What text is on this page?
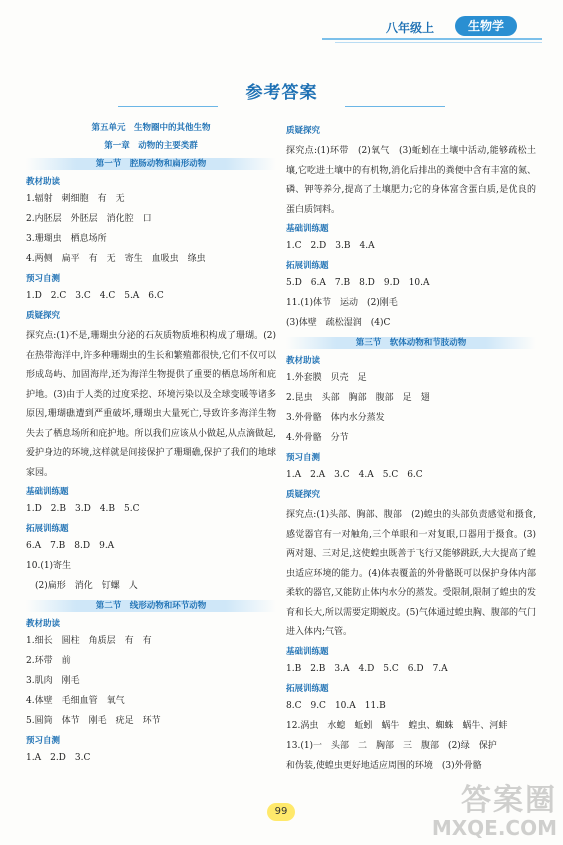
八年级上	生物学
参考答案
第五单元　生物圈中的其他生物
第一章　动物的主要类群
第一节　腔肠动物和扁形动物
教材助读
1.辐射　刺细胞　有　无
2.内胚层　外胚层　消化腔　口
3.珊瑚虫　栖息场所
4.两侧　扁平　有　无　寄生　血吸虫　绦虫
预习自测
1.D　2.C　3.C　4.C　5.A　6.C
质疑探究
探究点:(1)不是,珊瑚虫分泌的石灰质物质堆积构成了珊瑚。(2)在热带海洋中,许多种珊瑚虫的生长和繁殖都很快,它们不仅可以形成岛屿、加固海岸,还为海洋生物提供了重要的栖息场所和庇护地。(3)由于人类的过度采挖、环境污染以及全球变暖等诸多原因,珊瑚礁遭到严重破坏,珊瑚虫大量死亡,导致许多海洋生物失去了栖息场所和庇护地。所以我们应该从小做起,从点滴做起,爱护身边的环境,这样就是间接保护了珊瑚礁,保护了我们的地球家园。
基础训练题
1.D　2.B　3.D　4.B　5.C
拓展训练题
6.A　7.B　8.D　9.A
10.(1)寄生
　(2)扁形　消化　钉螺　人
第二节　线形动物和环节动物
教材助读
1.细长　圆柱　角质层　有　有
2.环带　前
3.肌肉　刚毛
4.体壁　毛细血管　氧气
5.圆筒　体节　刚毛　疣足　环节
预习自测
1.A　2.D　3.C
质疑探究
探究点:(1)环带　(2)氧气　(3)蚯蚓在土壤中活动,能够疏松土壤,它吃进土壤中的有机物,消化后排出的粪便中含有丰富的氮、磷、钾等养分,提高了土壤肥力;它的身体富含蛋白质,是优良的蛋白质饲料。
基础训练题
1.C　2.D　3.B　4.A
拓展训练题
5.D　6.A　7.B　8.D　9.D　10.A
11.(1)体节　运动　(2)刚毛
(3)体壁　疏松湿润　(4)C
第三节　软体动物和节肢动物
教材助读
1.外套膜　贝壳　足
2.昆虫　头部　胸部　腹部　足　翅
3.外骨骼　体内水分蒸发
4.外骨骼　分节
预习自测
1.A　2.A　3.C　4.A　5.C　6.C
质疑探究
探究点:(1)头部、胸部、腹部　(2)蝗虫的头部负责感觉和摄食,感觉器官有一对触角,三个单眼和一对复眼,口器用于摄食。(3)两对翅、三对足,这使蝗虫既善于飞行又能够跳跃,大大提高了蝗虫适应环境的能力。(4)体表覆盖的外骨骼既可以保护身体内部柔软的器官,又能防止体内水分的蒸发。受限制,限制了蝗虫的发育和长大,所以需要定期蜕皮。(5)气体通过蝗虫胸、腹部的气门进入体内;气管。
基础训练题
1.B　2.B　3.A　4.D　5.C　6.D　7.A
拓展训练题
8.C　9.C　10.A　11.B
12.涡虫　水螅　蚯蚓　蜗牛　蝗虫、蜘蛛　蜗牛、河蚌
13.(1)一　头部　二　胸部　三　腹部　(2)绿　保护
和伪装,使蝗虫更好地适应周围的环境　(3)外骨骼
99	答案圈
MXQE.COM
